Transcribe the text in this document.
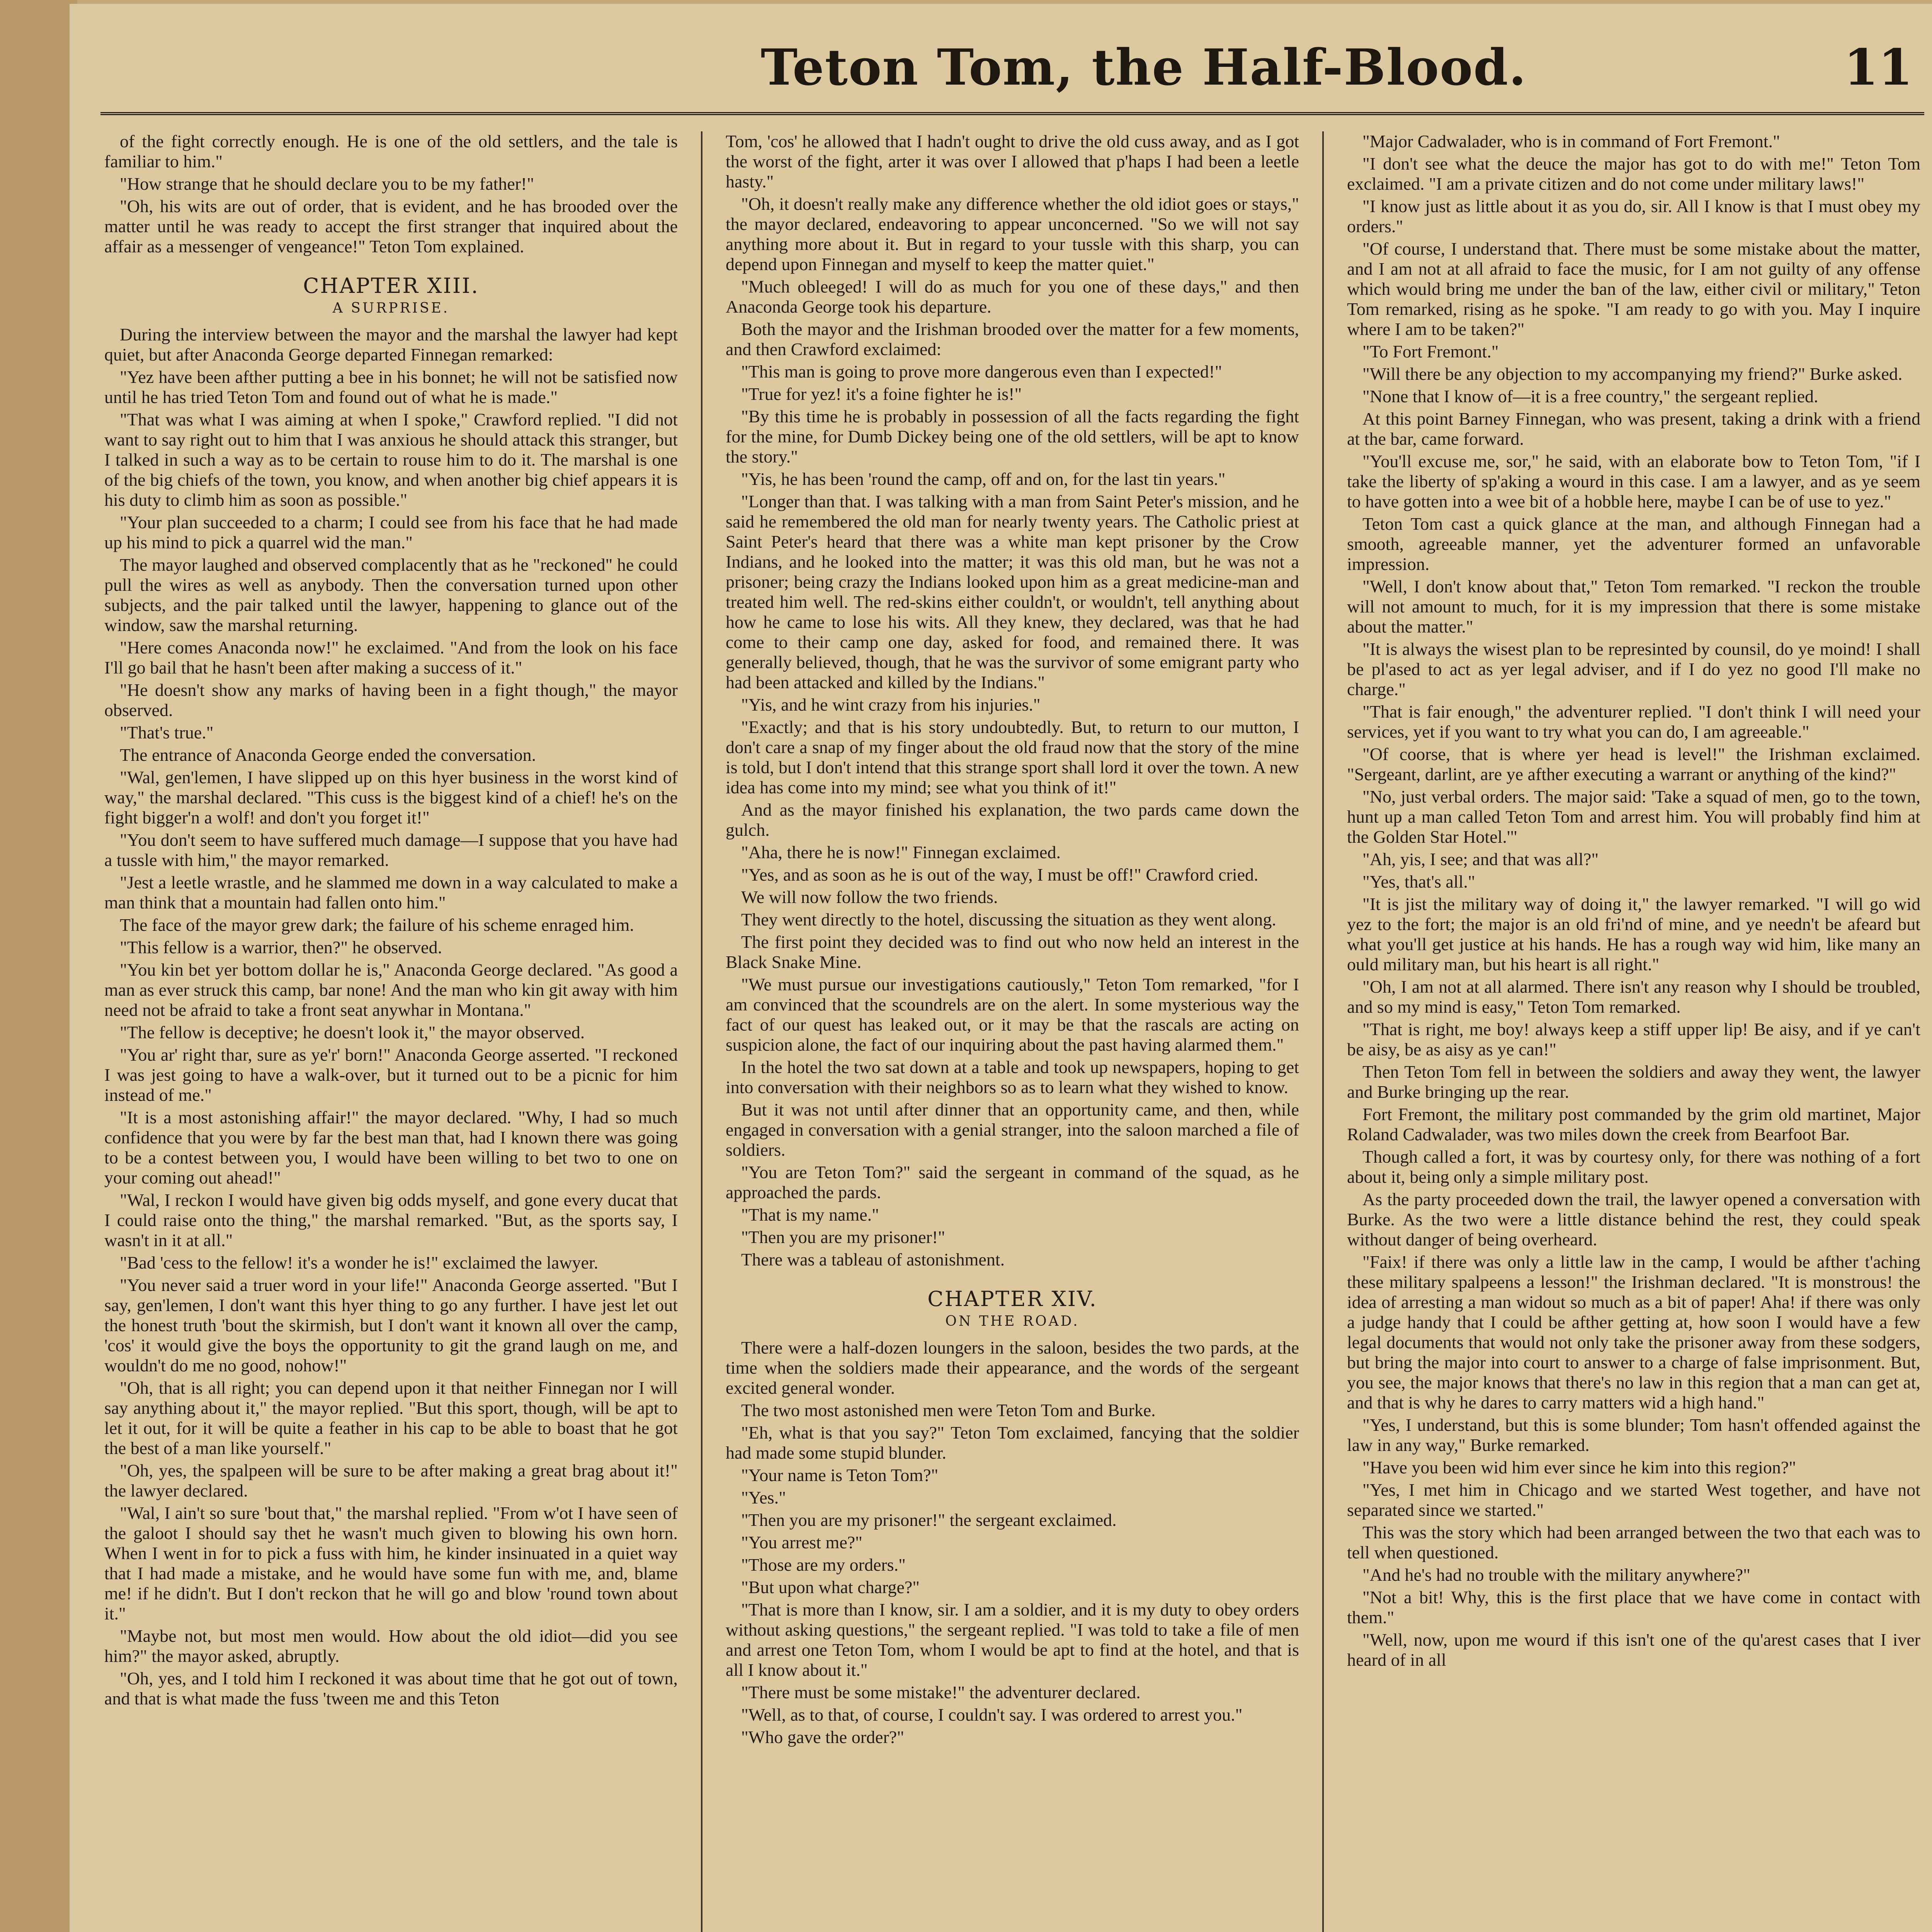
Teton Tom, the Half-Blood.	11

of the fight correctly enough. He is one of the old settlers, and the tale is familiar to him."

"How strange that he should declare you to be my father!"

"Oh, his wits are out of order, that is evident, and he has brooded over the matter until he was ready to accept the first stranger that inquired about the affair as a messenger of vengeance!" Teton Tom explained.

CHAPTER XIII.
A SURPRISE.

During the interview between the mayor and the marshal the lawyer had kept quiet, but after Anaconda George departed Finnegan remarked:

"Yez have been afther putting a bee in his bonnet; he will not be satisfied now until he has tried Teton Tom and found out of what he is made."

"That was what I was aiming at when I spoke," Crawford replied. "I did not want to say right out to him that I was anxious he should attack this stranger, but I talked in such a way as to be certain to rouse him to do it. The marshal is one of the big chiefs of the town, you know, and when another big chief appears it is his duty to climb him as soon as possible."

"Your plan succeeded to a charm; I could see from his face that he had made up his mind to pick a quarrel wid the man."

The mayor laughed and observed complacently that as he "reckoned" he could pull the wires as well as anybody. Then the conversation turned upon other subjects, and the pair talked until the lawyer, happening to glance out of the window, saw the marshal returning.

"Here comes Anaconda now!" he exclaimed. "And from the look on his face I'll go bail that he hasn't been after making a success of it."

"He doesn't show any marks of having been in a fight though," the mayor observed.

"That's true."

The entrance of Anaconda George ended the conversation.

"Wal, gen'lemen, I have slipped up on this hyer business in the worst kind of way," the marshal declared. "This cuss is the biggest kind of a chief! he's on the fight bigger'n a wolf! and don't you forget it!"

"You don't seem to have suffered much damage—I suppose that you have had a tussle with him," the mayor remarked.

"Jest a leetle wrastle, and he slammed me down in a way calculated to make a man think that a mountain had fallen onto him."

The face of the mayor grew dark; the failure of his scheme enraged him.

"This fellow is a warrior, then?" he observed.

"You kin bet yer bottom dollar he is," Anaconda George declared. "As good a man as ever struck this camp, bar none! And the man who kin git away with him need not be afraid to take a front seat anywhar in Montana."

"The fellow is deceptive; he doesn't look it," the mayor observed.

"You ar' right thar, sure as ye'r' born!" Anaconda George asserted. "I reckoned I was jest going to have a walk-over, but it turned out to be a picnic for him instead of me."

"It is a most astonishing affair!" the mayor declared. "Why, I had so much confidence that you were by far the best man that, had I known there was going to be a contest between you, I would have been willing to bet two to one on your coming out ahead!"

"Wal, I reckon I would have given big odds myself, and gone every ducat that I could raise onto the thing," the marshal remarked. "But, as the sports say, I wasn't in it at all."

"Bad 'cess to the fellow! it's a wonder he is!" exclaimed the lawyer.

"You never said a truer word in your life!" Anaconda George asserted. "But I say, gen'lemen, I don't want this hyer thing to go any further. I have jest let out the honest truth 'bout the skirmish, but I don't want it known all over the camp, 'cos' it would give the boys the opportunity to git the grand laugh on me, and wouldn't do me no good, nohow!"

"Oh, that is all right; you can depend upon it that neither Finnegan nor I will say anything about it," the mayor replied. "But this sport, though, will be apt to let it out, for it will be quite a feather in his cap to be able to boast that he got the best of a man like yourself."

"Oh, yes, the spalpeen will be sure to be after making a great brag about it!" the lawyer declared.

"Wal, I ain't so sure 'bout that," the marshal replied. "From w'ot I have seen of the galoot I should say thet he wasn't much given to blowing his own horn. When I went in for to pick a fuss with him, he kinder insinuated in a quiet way that I had made a mistake, and he would have some fun with me, and, blame me! if he didn't. But I don't reckon that he will go and blow 'round town about it."

"Maybe not, but most men would. How about the old idiot—did you see him?" the mayor asked, abruptly.

"Oh, yes, and I told him I reckoned it was about time that he got out of town, and that is what made the fuss 'tween me and this Teton

Tom, 'cos' he allowed that I hadn't ought to drive the old cuss away, and as I got the worst of the fight, arter it was over I allowed that p'haps I had been a leetle hasty."

"Oh, it doesn't really make any difference whether the old idiot goes or stays," the mayor declared, endeavoring to appear unconcerned. "So we will not say anything more about it. But in regard to your tussle with this sharp, you can depend upon Finnegan and myself to keep the matter quiet."

"Much obleeged! I will do as much for you one of these days," and then Anaconda George took his departure.

Both the mayor and the Irishman brooded over the matter for a few moments, and then Crawford exclaimed:

"This man is going to prove more dangerous even than I expected!"

"True for yez! it's a foine fighter he is!"

"By this time he is probably in possession of all the facts regarding the fight for the mine, for Dumb Dickey being one of the old settlers, will be apt to know the story."

"Yis, he has been 'round the camp, off and on, for the last tin years."

"Longer than that. I was talking with a man from Saint Peter's mission, and he said he remembered the old man for nearly twenty years. The Catholic priest at Saint Peter's heard that there was a white man kept prisoner by the Crow Indians, and he looked into the matter; it was this old man, but he was not a prisoner; being crazy the Indians looked upon him as a great medicine-man and treated him well. The red-skins either couldn't, or wouldn't, tell anything about how he came to lose his wits. All they knew, they declared, was that he had come to their camp one day, asked for food, and remained there. It was generally believed, though, that he was the survivor of some emigrant party who had been attacked and killed by the Indians."

"Yis, and he wint crazy from his injuries."

"Exactly; and that is his story undoubtedly. But, to return to our mutton, I don't care a snap of my finger about the old fraud now that the story of the mine is told, but I don't intend that this strange sport shall lord it over the town. A new idea has come into my mind; see what you think of it!"

And as the mayor finished his explanation, the two pards came down the gulch.

"Aha, there he is now!" Finnegan exclaimed.

"Yes, and as soon as he is out of the way, I must be off!" Crawford cried.

We will now follow the two friends.

They went directly to the hotel, discussing the situation as they went along.

The first point they decided was to find out who now held an interest in the Black Snake Mine.

"We must pursue our investigations cautiously," Teton Tom remarked, "for I am convinced that the scoundrels are on the alert. In some mysterious way the fact of our quest has leaked out, or it may be that the rascals are acting on suspicion alone, the fact of our inquiring about the past having alarmed them."

In the hotel the two sat down at a table and took up newspapers, hoping to get into conversation with their neighbors so as to learn what they wished to know.

But it was not until after dinner that an opportunity came, and then, while engaged in conversation with a genial stranger, into the saloon marched a file of soldiers.

"You are Teton Tom?" said the sergeant in command of the squad, as he approached the pards.

"That is my name."

"Then you are my prisoner!"

There was a tableau of astonishment.

CHAPTER XIV.
ON THE ROAD.

There were a half-dozen loungers in the saloon, besides the two pards, at the time when the soldiers made their appearance, and the words of the sergeant excited general wonder.

The two most astonished men were Teton Tom and Burke.

"Eh, what is that you say?" Teton Tom exclaimed, fancying that the soldier had made some stupid blunder.

"Your name is Teton Tom?"

"Yes."

"Then you are my prisoner!" the sergeant exclaimed.

"You arrest me?"

"Those are my orders."

"But upon what charge?"

"That is more than I know, sir. I am a soldier, and it is my duty to obey orders without asking questions," the sergeant replied. "I was told to take a file of men and arrest one Teton Tom, whom I would be apt to find at the hotel, and that is all I know about it."

"There must be some mistake!" the adventurer declared.

"Well, as to that, of course, I couldn't say. I was ordered to arrest you."

"Who gave the order?"

"Major Cadwalader, who is in command of Fort Fremont."

"I don't see what the deuce the major has got to do with me!" Teton Tom exclaimed. "I am a private citizen and do not come under military laws!"

"I know just as little about it as you do, sir. All I know is that I must obey my orders."

"Of course, I understand that. There must be some mistake about the matter, and I am not at all afraid to face the music, for I am not guilty of any offense which would bring me under the ban of the law, either civil or military," Teton Tom remarked, rising as he spoke. "I am ready to go with you. May I inquire where I am to be taken?"

"To Fort Fremont."

"Will there be any objection to my accompanying my friend?" Burke asked.

"None that I know of—it is a free country," the sergeant replied.

At this point Barney Finnegan, who was present, taking a drink with a friend at the bar, came forward.

"You'll excuse me, sor," he said, with an elaborate bow to Teton Tom, "if I take the liberty of sp'aking a wourd in this case. I am a lawyer, and as ye seem to have gotten into a wee bit of a hobble here, maybe I can be of use to yez."

Teton Tom cast a quick glance at the man, and although Finnegan had a smooth, agreeable manner, yet the adventurer formed an unfavorable impression.

"Well, I don't know about that," Teton Tom remarked. "I reckon the trouble will not amount to much, for it is my impression that there is some mistake about the matter."

"It is always the wisest plan to be represinted by counsil, do ye moind! I shall be pl'ased to act as yer legal adviser, and if I do yez no good I'll make no charge."

"That is fair enough," the adventurer replied. "I don't think I will need your services, yet if you want to try what you can do, I am agreeable."

"Of coorse, that is where yer head is level!" the Irishman exclaimed. "Sergeant, darlint, are ye afther executing a warrant or anything of the kind?"

"No, just verbal orders. The major said: 'Take a squad of men, go to the town, hunt up a man called Teton Tom and arrest him. You will probably find him at the Golden Star Hotel.'"

"Ah, yis, I see; and that was all?"

"Yes, that's all."

"It is jist the military way of doing it," the lawyer remarked. "I will go wid yez to the fort; the major is an old fri'nd of mine, and ye needn't be afeard but what you'll get justice at his hands. He has a rough way wid him, like many an ould military man, but his heart is all right."

"Oh, I am not at all alarmed. There isn't any reason why I should be troubled, and so my mind is easy," Teton Tom remarked.

"That is right, me boy! always keep a stiff upper lip! Be aisy, and if ye can't be aisy, be as aisy as ye can!"

Then Teton Tom fell in between the soldiers and away they went, the lawyer and Burke bringing up the rear.

Fort Fremont, the military post commanded by the grim old martinet, Major Roland Cadwalader, was two miles down the creek from Bearfoot Bar.

Though called a fort, it was by courtesy only, for there was nothing of a fort about it, being only a simple military post.

As the party proceeded down the trail, the lawyer opened a conversation with Burke. As the two were a little distance behind the rest, they could speak without danger of being overheard.

"Faix! if there was only a little law in the camp, I would be afther t'aching these military spalpeens a lesson!" the Irishman declared. "It is monstrous! the idea of arresting a man widout so much as a bit of paper! Aha! if there was only a judge handy that I could be afther getting at, how soon I would have a few legal documents that would not only take the prisoner away from these sodgers, but bring the major into court to answer to a charge of false imprisonment. But, you see, the major knows that there's no law in this region that a man can get at, and that is why he dares to carry matters wid a high hand."

"Yes, I understand, but this is some blunder; Tom hasn't offended against the law in any way," Burke remarked.

"Have you been wid him ever since he kim into this region?"

"Yes, I met him in Chicago and we started West together, and have not separated since we started."

This was the story which had been arranged between the two that each was to tell when questioned.

"And he's had no trouble with the military anywhere?"

"Not a bit! Why, this is the first place that we have come in contact with them."

"Well, now, upon me wourd if this isn't one of the qu'arest cases that I iver heard of in all
